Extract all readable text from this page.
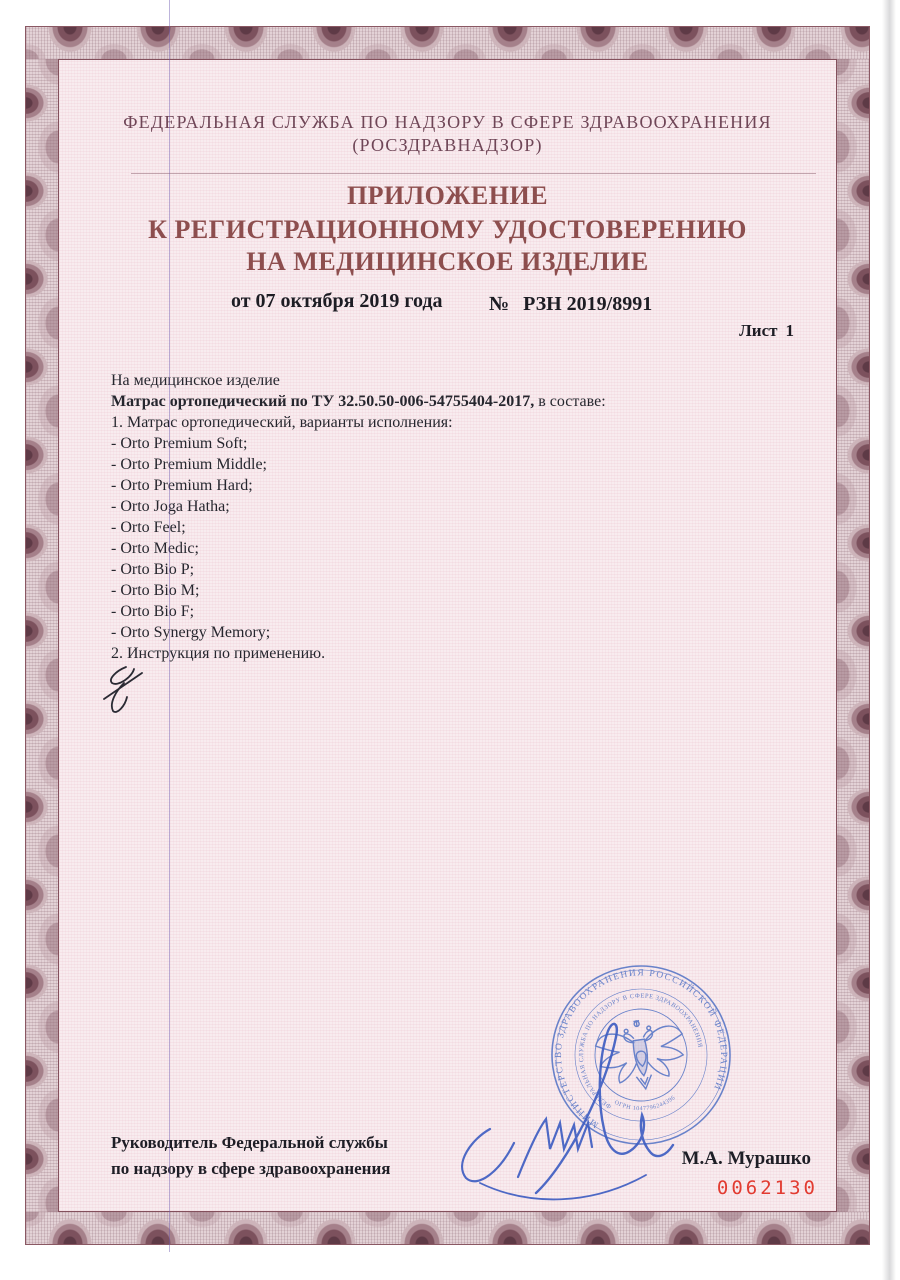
ФЕДЕРАЛЬНАЯ СЛУЖБА ПО НАДЗОРУ В СФЕРЕ ЗДРАВООХРАНЕНИЯ
(РОСЗДРАВНАДЗОР)
ПРИЛОЖЕНИЕ
К РЕГИСТРАЦИОННОМУ УДОСТОВЕРЕНИЮ
НА МЕДИЦИНСКОЕ ИЗДЕЛИЕ
от 07 октября 2019 года № РЗН 2019/8991
Лист 1
На медицинское изделие
Матрас ортопедический по ТУ 32.50.50-006-54755404-2017, в составе:
1. Матрас ортопедический, варианты исполнения:
- Orto Premium Soft;
- Orto Premium Middle;
- Orto Premium Hard;
- Orto Joga Hatha;
- Orto Feel;
- Orto Medic;
- Orto Bio P;
- Orto Bio M;
- Orto Bio F;
- Orto Synergy Memory;
2. Инструкция по применению.
МИНИСТЕРСТВО ЗДРАВООХРАНЕНИЯ РОССИЙСКОЙ ФЕДЕРАЦИИ
ФЕДЕРАЛЬНАЯ СЛУЖБА ПО НАДЗОРУ В СФЕРЕ ЗДРАВООХРАНЕНИЯ
ОГРН 1047796244396
Руководитель Федеральной службы
по надзору в сфере здравоохранения	М.А. Мурашко
0062130
